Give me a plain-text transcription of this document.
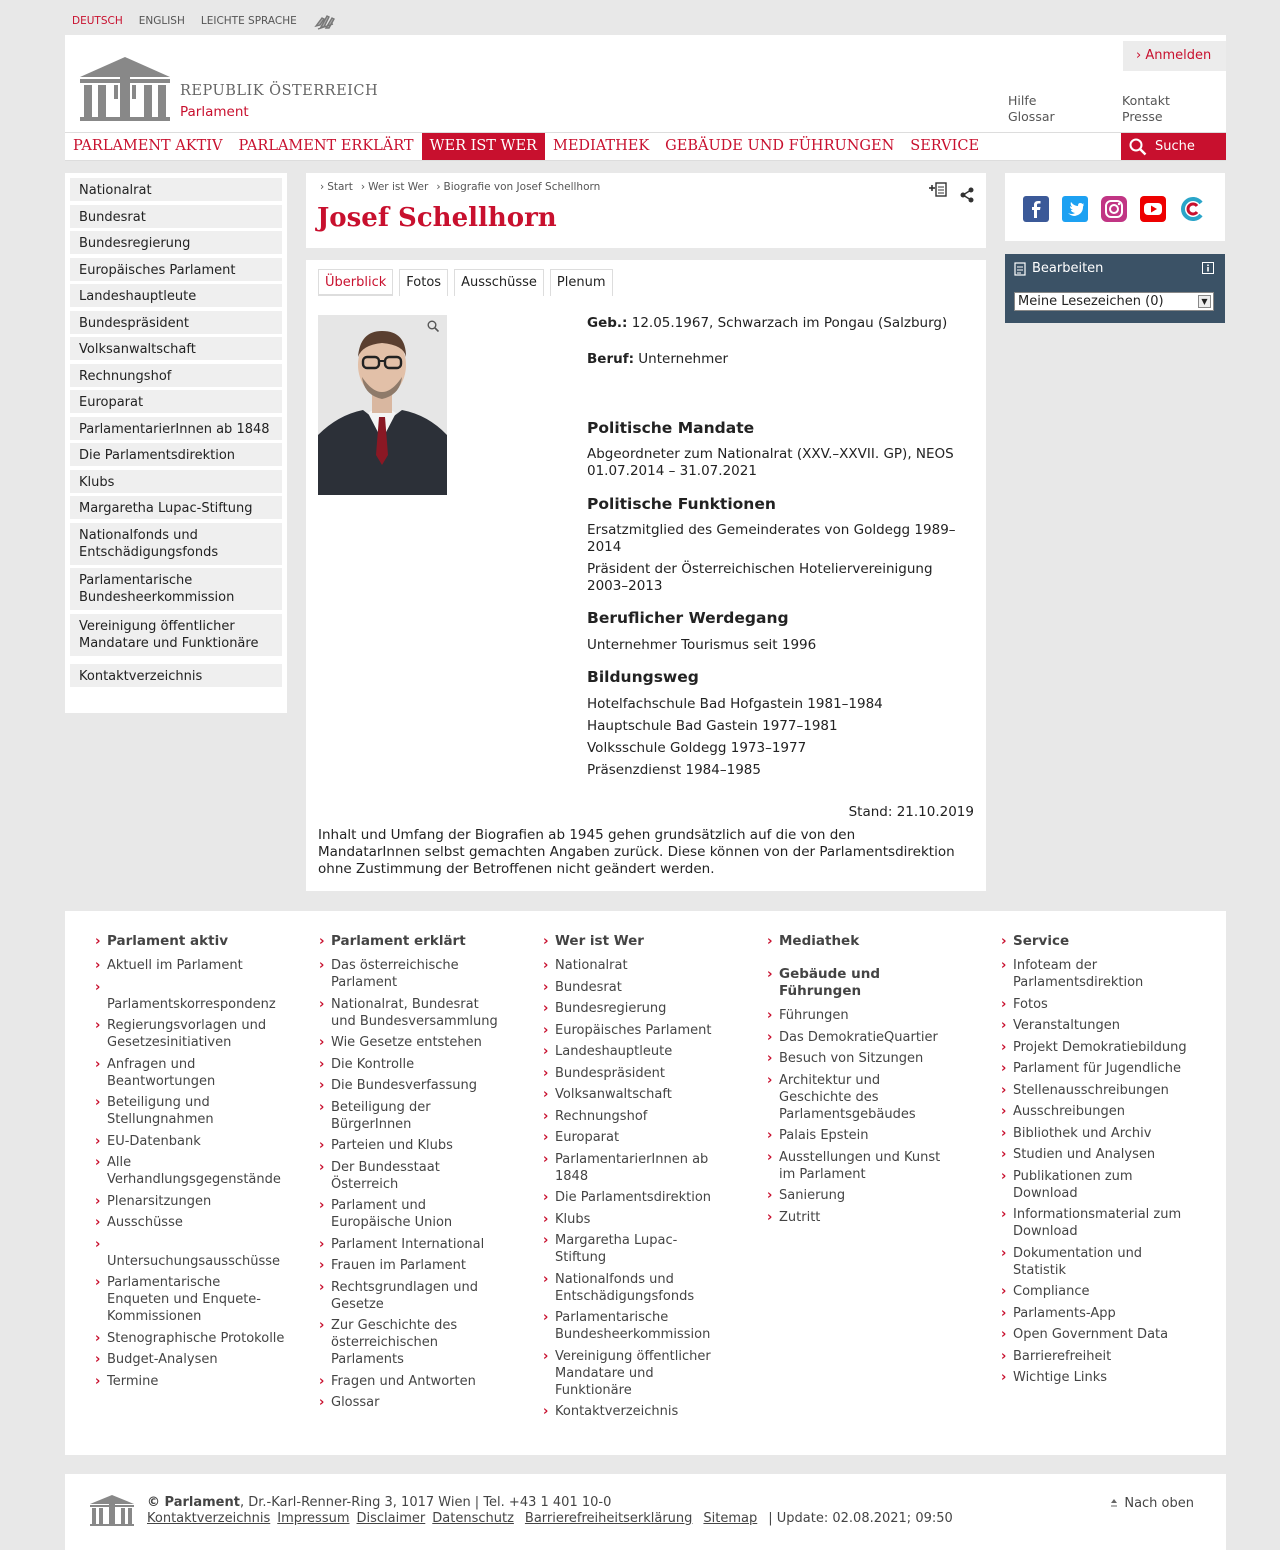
DEUTSCH ENGLISH LEICHTE SPRACHE
REPUBLIK ÖSTERREICH
Parlament
› Anmelden
Hilfe
Glossar
Kontakt
Presse
PARLAMENT AKTIV	PARLAMENT ERKLÄRT	WER IST WER	MEDIATHEK	GEBÄUDE UND FÜHRUNGEN	SERVICE	Suche
Nationalrat
Bundesrat
Bundesregierung
Europäisches Parlament
Landeshauptleute
Bundespräsident
Volksanwaltschaft
Rechnungshof
Europarat
ParlamentarierInnen ab 1848
Die Parlamentsdirektion
Klubs
Margaretha Lupac-Stiftung
Nationalfonds und Entschädigungsfonds
Parlamentarische Bundesheerkommission
Vereinigung öffentlicher Mandatare und Funktionäre
Kontaktverzeichnis
› Start	› Wer ist Wer	› Biografie von Josef Schellhorn
Josef Schellhorn
Überblick	Fotos	Ausschüsse	Plenum
Geb.: 12.05.1967, Schwarzach im Pongau (Salzburg)
Beruf: Unternehmer
Politische Mandate
Abgeordneter zum Nationalrat (XXV.–XXVII. GP), NEOS
01.07.2014 – 31.07.2021
Politische Funktionen
Ersatzmitglied des Gemeinderates von Goldegg 1989–2014
Präsident der Österreichischen Hoteliervereinigung 2003–2013
Beruflicher Werdegang
Unternehmer Tourismus seit 1996
Bildungsweg
Hotelfachschule Bad Hofgastein 1981–1984
Hauptschule Bad Gastein 1977–1981
Volksschule Goldegg 1973–1977
Präsenzdienst 1984–1985
Stand: 21.10.2019
Inhalt und Umfang der Biografien ab 1945 gehen grundsätzlich auf die von den MandatarInnen selbst gemachten Angaben zurück. Diese können von der Parlamentsdirektion ohne Zustimmung der Betroffenen nicht geändert werden.
Bearbeiten
Meine Lesezeichen (0)	▼
› Parlament aktiv
› Aktuell im Parlament
› Parlamentskorrespondenz
› Regierungsvorlagen und Gesetzesinitiativen
› Anfragen und Beantwortungen
› Beteiligung und Stellungnahmen
› EU-Datenbank
› Alle Verhandlungsgegenstände
› Plenarsitzungen
› Ausschüsse
› Untersuchungsausschüsse
› Parlamentarische Enqueten und Enquete-Kommissionen
› Stenographische Protokolle
› Budget-Analysen
› Termine
› Parlament erklärt
› Das österreichische Parlament
› Nationalrat, Bundesrat und Bundesversammlung
› Wie Gesetze entstehen
› Die Kontrolle
› Die Bundesverfassung
› Beteiligung der BürgerInnen
› Parteien und Klubs
› Der Bundesstaat Österreich
› Parlament und Europäische Union
› Parlament International
› Frauen im Parlament
› Rechtsgrundlagen und Gesetze
› Zur Geschichte des österreichischen Parlaments
› Fragen und Antworten
› Glossar
› Wer ist Wer
› Nationalrat
› Bundesrat
› Bundesregierung
› Europäisches Parlament
› Landeshauptleute
› Bundespräsident
› Volksanwaltschaft
› Rechnungshof
› Europarat
› ParlamentarierInnen ab 1848
› Die Parlamentsdirektion
› Klubs
› Margaretha Lupac-Stiftung
› Nationalfonds und Entschädigungsfonds
› Parlamentarische Bundesheerkommission
› Vereinigung öffentlicher Mandatare und Funktionäre
› Kontaktverzeichnis
› Mediathek
› Gebäude und Führungen
› Führungen
› Das DemokratieQuartier
› Besuch von Sitzungen
› Architektur und Geschichte des Parlamentsgebäudes
› Palais Epstein
› Ausstellungen und Kunst im Parlament
› Sanierung
› Zutritt
› Service
› Infoteam der Parlamentsdirektion
› Fotos
› Veranstaltungen
› Projekt Demokratiebildung
› Parlament für Jugendliche
› Stellenausschreibungen
› Ausschreibungen
› Bibliothek und Archiv
› Studien und Analysen
› Publikationen zum Download
› Informationsmaterial zum Download
› Dokumentation und Statistik
› Compliance
› Parlaments-App
› Open Government Data
› Barrierefreiheit
› Wichtige Links
© Parlament, Dr.-Karl-Renner-Ring 3, 1017 Wien | Tel. +43 1 401 10-0
Kontaktverzeichnis Impressum Disclaimer Datenschutz Barrierefreiheitserklärung Sitemap | Update: 02.08.2021; 09:50
Nach oben
